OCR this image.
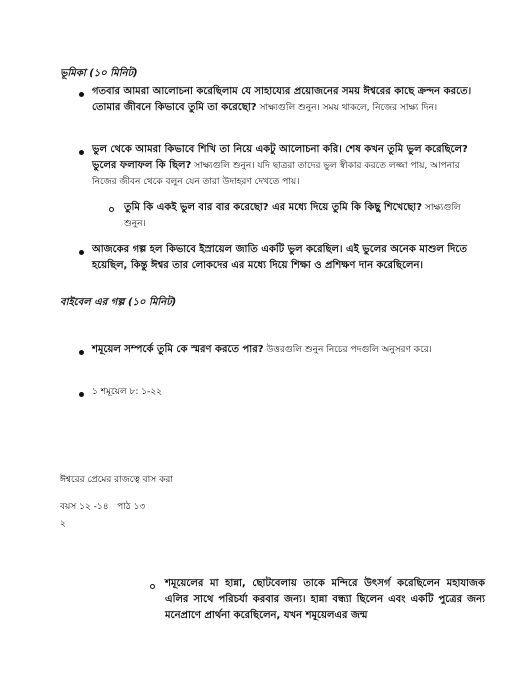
ভূমিকা (১০ মিনিট)
গতবার আমরা আলোচনা করেছিলাম যে সাহায্যের প্রয়োজনের সময় ঈশ্বরের কাছে ক্রন্দন করতে। তোমার জীবনে কিভাবে তুমি তা করেছো? সাক্ষ্যগুলি শুনুন। সময় থাকলে, নিজের সাক্ষ্য দিন।
ভুল থেকে আমরা কিভাবে শিখি তা নিয়ে একটু আলোচনা করি। শেষ কখন তুমি ভুল করেছিলে? ভুলের ফলাফল কি ছিল? সাক্ষ্যগুলি শুনুন। যদি ছাত্ররা তাদের ভুল স্বীকার করতে লজ্জা পায়, আপনার নিজের জীবন থেকে বলুন যেন তারা উদাহরণ দেখতে পায়।
তুমি কি একই ভুল বার বার করেছো? এর মধ্যে দিয়ে তুমি কি কিছু শিখেছো? সাক্ষ্যগুলি শুনুন।
আজকের গল্প হল কিভাবে ইস্রায়েল জাতি একটি ভুল করেছিল। এই ভুলের অনেক মাশুল দিতে হয়েছিল, কিন্তু ঈশ্বর তার লোকদের এর মধ্যে দিয়ে শিক্ষা ও প্রশিক্ষণ দান করেছিলেন।
বাইবেল এর গল্প (১০ মিনিট)
শমূয়েল সম্পর্কে তুমি কে স্মরণ করতে পার? উত্তরগুলি শুনুন নিচের পদগুলি অনুসরণ করে।
১ শমূয়েল ৮: ১-২২
ঈশ্বরের প্রেমের রাজত্বে বাস করা
বয়স ১২ -১৪   পাঠ ১৩
২
শমূয়েলের মা হান্না, ছোটবেলায় তাকে মন্দিরে উৎসর্গ করেছিলেন মহাযাজক এলির সাথে পরিচর্যা করবার জন্য। হান্না বন্ধ্যা ছিলেন এবং একটি পুত্রের জন্য মনেপ্রাণে প্রার্থনা করেছিলেন, যখন শমূয়েলএর জন্ম
